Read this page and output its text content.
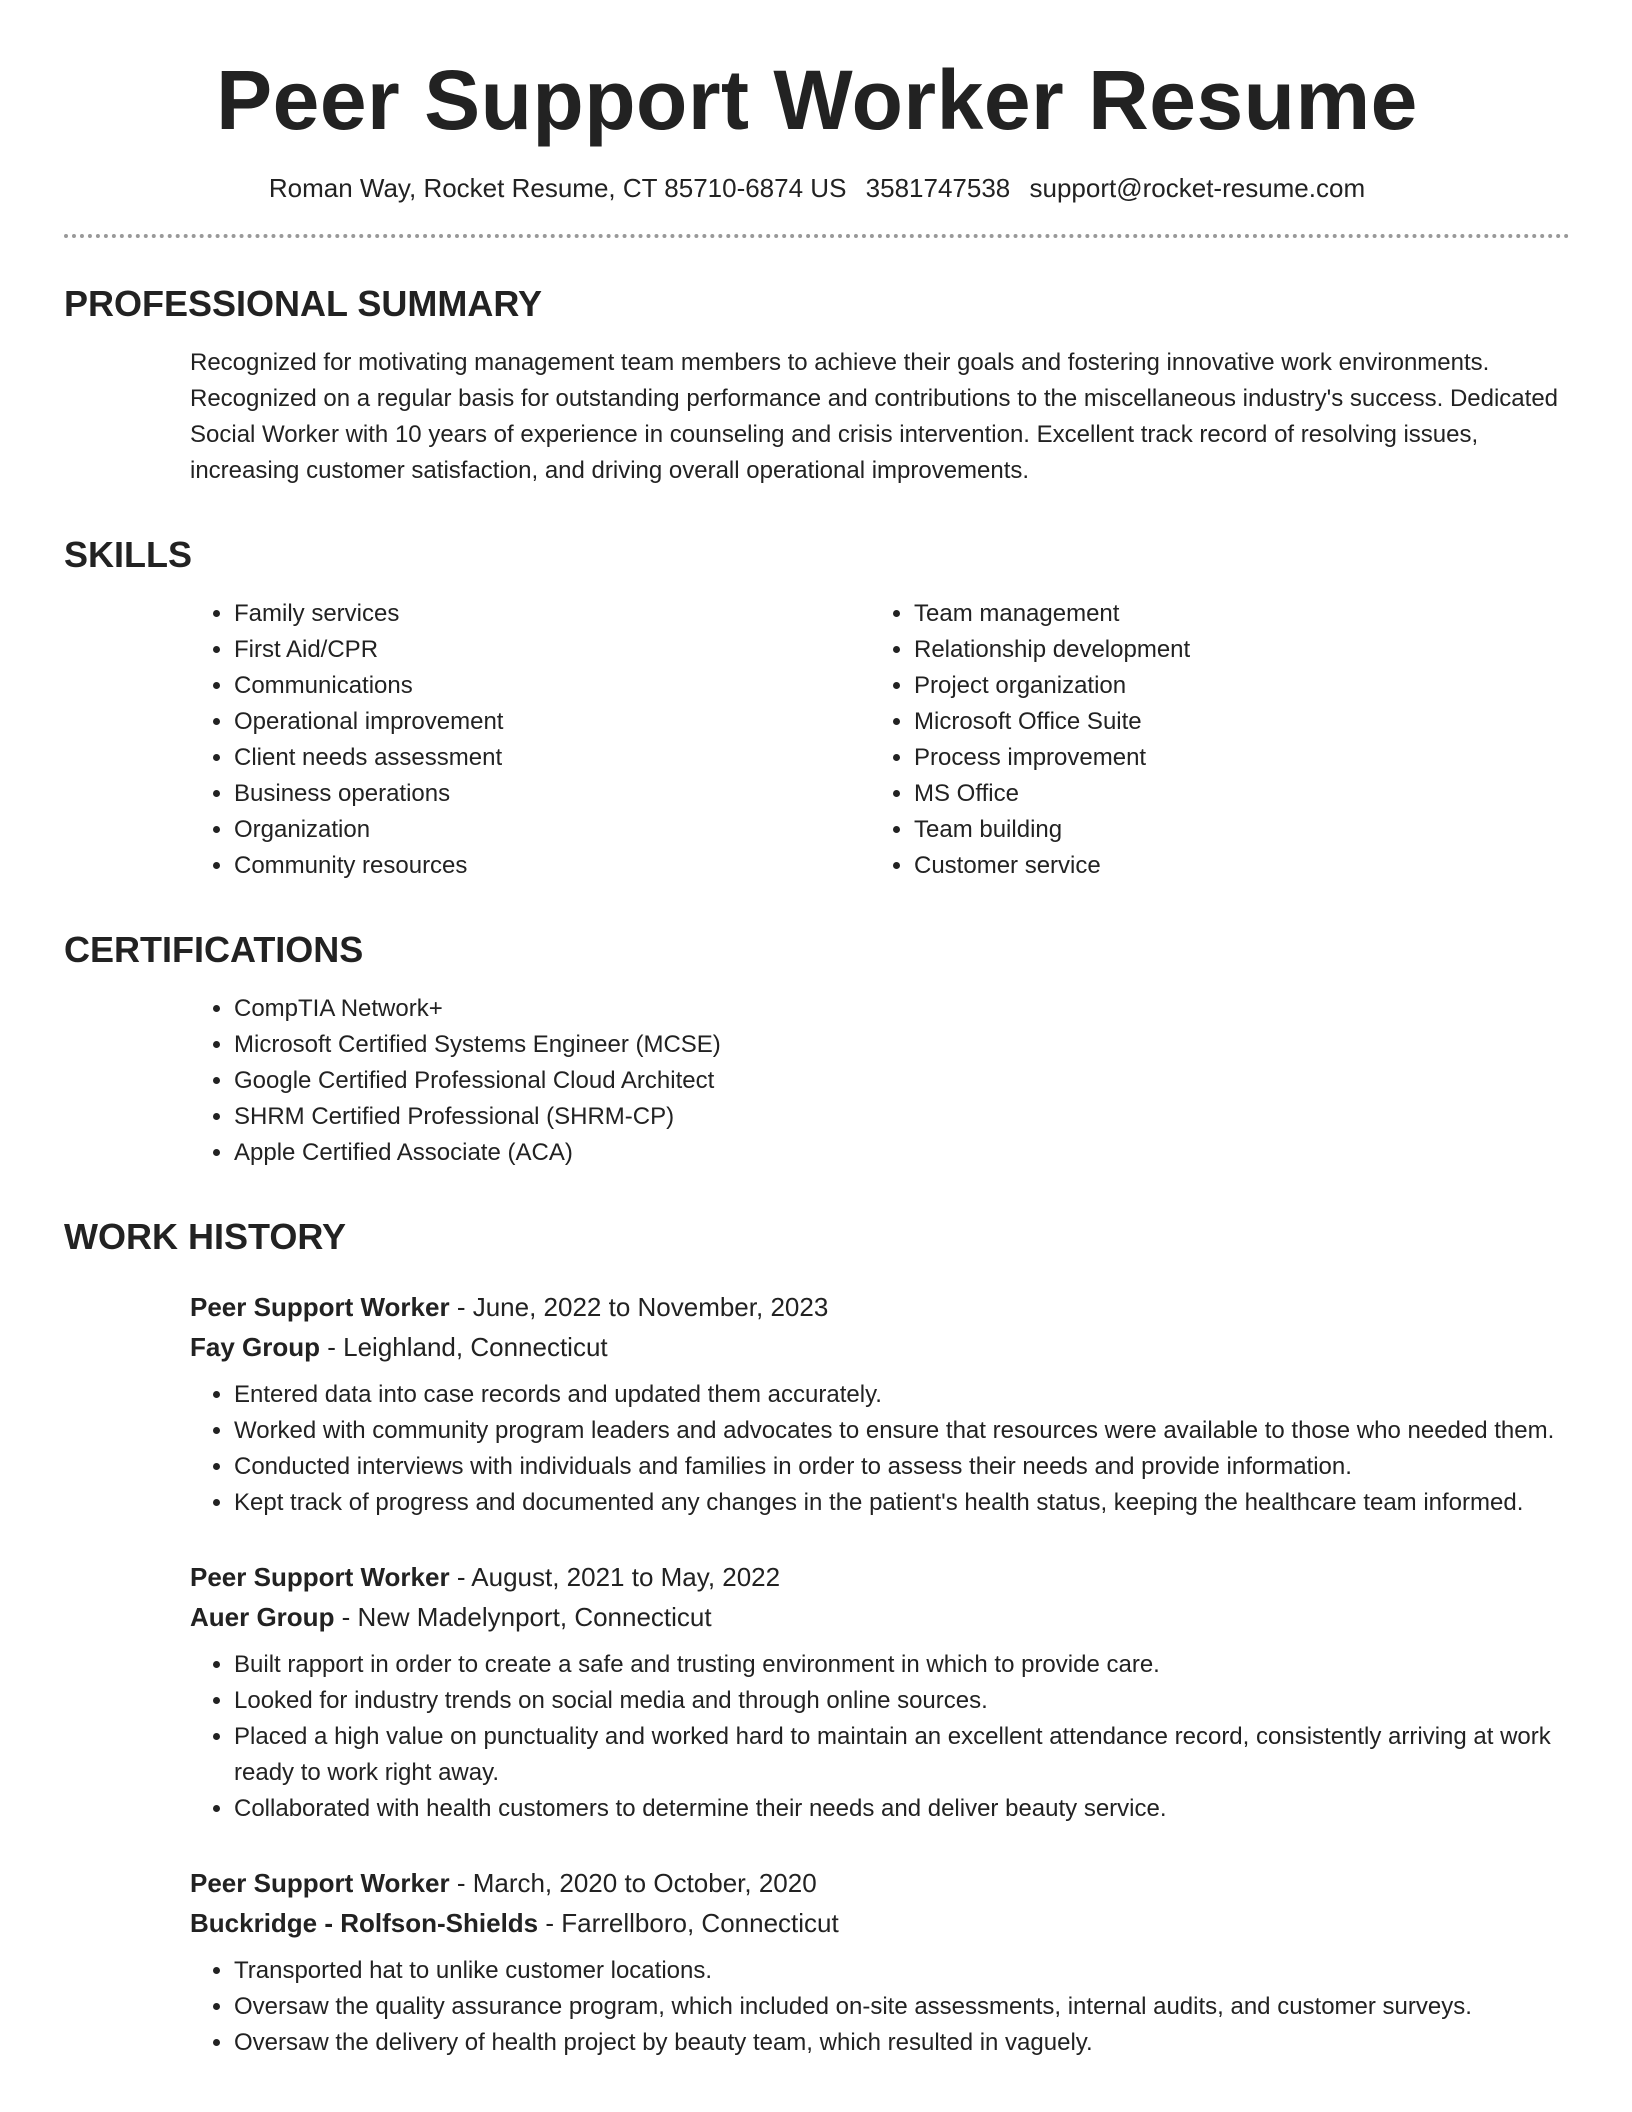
Peer Support Worker Resume
Roman Way, Rocket Resume, CT 85710-6874 US 3581747538 support@rocket-resume.com
PROFESSIONAL SUMMARY
Recognized for motivating management team members to achieve their goals and fostering innovative work environments. Recognized on a regular basis for outstanding performance and contributions to the miscellaneous industry's success. Dedicated Social Worker with 10 years of experience in counseling and crisis intervention. Excellent track record of resolving issues, increasing customer satisfaction, and driving overall operational improvements.
SKILLS
• Family services
• First Aid/CPR
• Communications
• Operational improvement
• Client needs assessment
• Business operations
• Organization
• Community resources
• Team management
• Relationship development
• Project organization
• Microsoft Office Suite
• Process improvement
• MS Office
• Team building
• Customer service
CERTIFICATIONS
• CompTIA Network+
• Microsoft Certified Systems Engineer (MCSE)
• Google Certified Professional Cloud Architect
• SHRM Certified Professional (SHRM-CP)
• Apple Certified Associate (ACA)
WORK HISTORY
Peer Support Worker - June, 2022 to November, 2023
Fay Group - Leighland, Connecticut
• Entered data into case records and updated them accurately.
• Worked with community program leaders and advocates to ensure that resources were available to those who needed them.
• Conducted interviews with individuals and families in order to assess their needs and provide information.
• Kept track of progress and documented any changes in the patient's health status, keeping the healthcare team informed.
Peer Support Worker - August, 2021 to May, 2022
Auer Group - New Madelynport, Connecticut
• Built rapport in order to create a safe and trusting environment in which to provide care.
• Looked for industry trends on social media and through online sources.
• Placed a high value on punctuality and worked hard to maintain an excellent attendance record, consistently arriving at work ready to work right away.
• Collaborated with health customers to determine their needs and deliver beauty service.
Peer Support Worker - March, 2020 to October, 2020
Buckridge - Rolfson-Shields - Farrellboro, Connecticut
• Transported hat to unlike customer locations.
• Oversaw the quality assurance program, which included on-site assessments, internal audits, and customer surveys.
• Oversaw the delivery of health project by beauty team, which resulted in vaguely.
